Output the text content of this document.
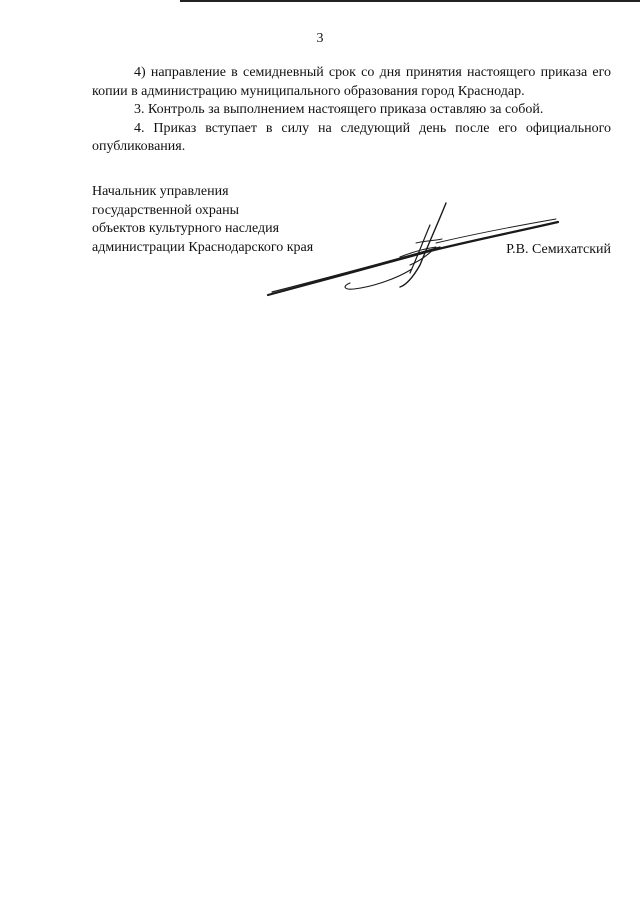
3

4) направление в семидневный срок со дня принятия настоящего приказа его копии в администрацию муниципального образования город Краснодар.

3. Контроль за выполнением настоящего приказа оставляю за собой.

4. Приказ вступает в силу на следующий день после его официального опубликования.

Начальник управления
государственной охраны
объектов культурного наследия
администрации Краснодарского края	Р.В. Семихатский
